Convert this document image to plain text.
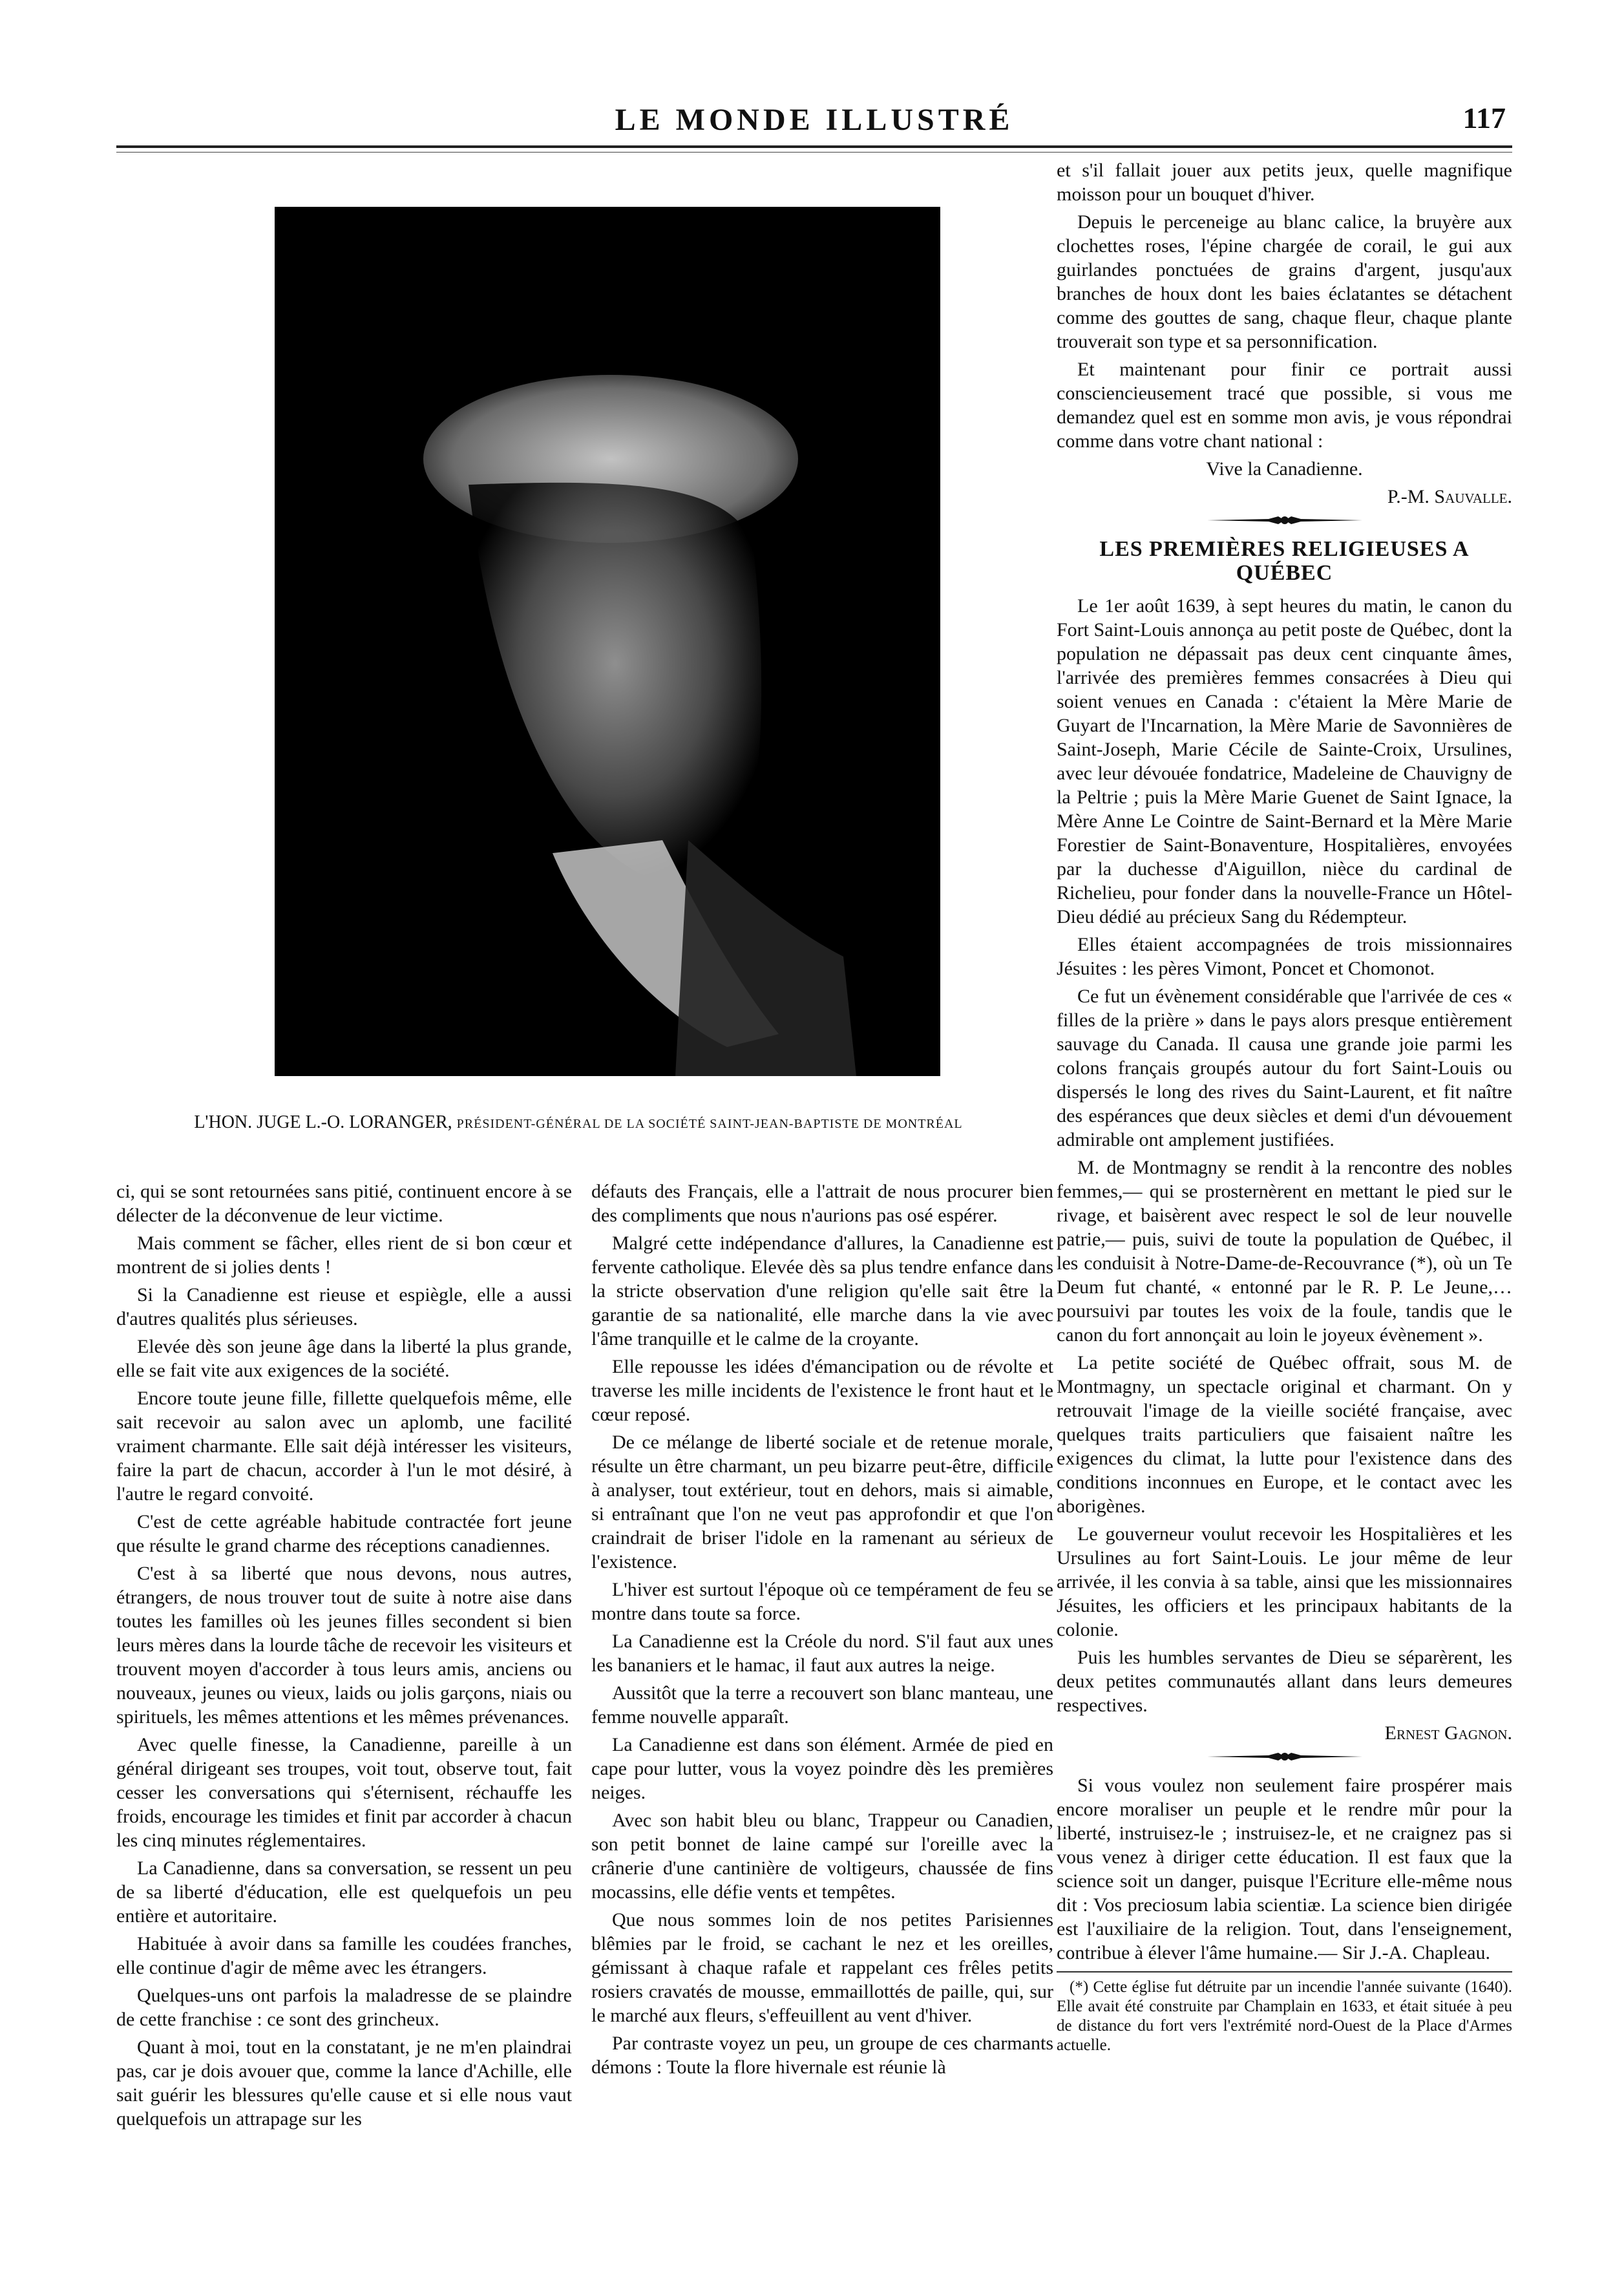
LE MONDE ILLUSTRÉ	117
L'HON. JUGE L.-O. LORANGER, PRÉSIDENT-GÉNÉRAL DE LA SOCIÉTÉ SAINT-JEAN-BAPTISTE DE MONTRÉAL

ci, qui se sont retournées sans pitié, continuent encore à se délecter de la déconvenue de leur victime.

Mais comment se fâcher, elles rient de si bon cœur et montrent de si jolies dents !

Si la Canadienne est rieuse et espiègle, elle a aussi d'autres qualités plus sérieuses.

Elevée dès son jeune âge dans la liberté la plus grande, elle se fait vite aux exigences de la société.

Encore toute jeune fille, fillette quelquefois même, elle sait recevoir au salon avec un aplomb, une facilité vraiment charmante. Elle sait déjà intéresser les visiteurs, faire la part de chacun, accorder à l'un le mot désiré, à l'autre le regard convoité.

C'est de cette agréable habitude contractée fort jeune que résulte le grand charme des réceptions canadiennes.

C'est à sa liberté que nous devons, nous autres, étrangers, de nous trouver tout de suite à notre aise dans toutes les familles où les jeunes filles secondent si bien leurs mères dans la lourde tâche de recevoir les visiteurs et trouvent moyen d'accorder à tous leurs amis, anciens ou nouveaux, jeunes ou vieux, laids ou jolis garçons, niais ou spirituels, les mêmes attentions et les mêmes prévenances.

Avec quelle finesse, la Canadienne, pareille à un général dirigeant ses troupes, voit tout, observe tout, fait cesser les conversations qui s'éternisent, réchauffe les froids, encourage les timides et finit par accorder à chacun les cinq minutes réglementaires.

La Canadienne, dans sa conversation, se ressent un peu de sa liberté d'éducation, elle est quelquefois un peu entière et autoritaire.

Habituée à avoir dans sa famille les coudées franches, elle continue d'agir de même avec les étrangers.

Quelques-uns ont parfois la maladresse de se plaindre de cette franchise : ce sont des grincheux.

Quant à moi, tout en la constatant, je ne m'en plaindrai pas, car je dois avouer que, comme la lance d'Achille, elle sait guérir les blessures qu'elle cause et si elle nous vaut quelquefois un attrapage sur les

défauts des Français, elle a l'attrait de nous procurer bien des compliments que nous n'aurions pas osé espérer.

Malgré cette indépendance d'allures, la Canadienne est fervente catholique. Elevée dès sa plus tendre enfance dans la stricte observation d'une religion qu'elle sait être la garantie de sa nationalité, elle marche dans la vie avec l'âme tranquille et le calme de la croyante.

Elle repousse les idées d'émancipation ou de révolte et traverse les mille incidents de l'existence le front haut et le cœur reposé.

De ce mélange de liberté sociale et de retenue morale, résulte un être charmant, un peu bizarre peut-être, difficile à analyser, tout extérieur, tout en dehors, mais si aimable, si entraînant que l'on ne veut pas approfondir et que l'on craindrait de briser l'idole en la ramenant au sérieux de l'existence.

L'hiver est surtout l'époque où ce tempérament de feu se montre dans toute sa force.

La Canadienne est la Créole du nord. S'il faut aux unes les bananiers et le hamac, il faut aux autres la neige.

Aussitôt que la terre a recouvert son blanc manteau, une femme nouvelle apparaît.

La Canadienne est dans son élément. Armée de pied en cape pour lutter, vous la voyez poindre dès les premières neiges.

Avec son habit bleu ou blanc, Trappeur ou Canadien, son petit bonnet de laine campé sur l'oreille avec la crânerie d'une cantinière de voltigeurs, chaussée de fins mocassins, elle défie vents et tempêtes.

Que nous sommes loin de nos petites Parisiennes blêmies par le froid, se cachant le nez et les oreilles, gémissant à chaque rafale et rappelant ces frêles petits rosiers cravatés de mousse, emmaillottés de paille, qui, sur le marché aux fleurs, s'effeuillent au vent d'hiver.

Par contraste voyez un peu, un groupe de ces charmants démons : Toute la flore hivernale est réunie là

et s'il fallait jouer aux petits jeux, quelle magnifique moisson pour un bouquet d'hiver.

Depuis le perceneige au blanc calice, la bruyère aux clochettes roses, l'épine chargée de corail, le gui aux guirlandes ponctuées de grains d'argent, jusqu'aux branches de houx dont les baies éclatantes se détachent comme des gouttes de sang, chaque fleur, chaque plante trouverait son type et sa personnification.

Et maintenant pour finir ce portrait aussi consciencieusement tracé que possible, si vous me demandez quel est en somme mon avis, je vous répondrai comme dans votre chant national :

Vive la Canadienne.

P.-M. Sauvalle.

LES PREMIÈRES RELIGIEUSES A QUÉBEC

Le 1er août 1639, à sept heures du matin, le canon du Fort Saint-Louis annonça au petit poste de Québec, dont la population ne dépassait pas deux cent cinquante âmes, l'arrivée des premières femmes consacrées à Dieu qui soient venues en Canada : c'étaient la Mère Marie de Guyart de l'Incarnation, la Mère Marie de Savonnières de Saint-Joseph, Marie Cécile de Sainte-Croix, Ursulines, avec leur dévouée fondatrice, Madeleine de Chauvigny de la Peltrie ; puis la Mère Marie Guenet de Saint Ignace, la Mère Anne Le Cointre de Saint-Bernard et la Mère Marie Forestier de Saint-Bonaventure, Hospitalières, envoyées par la duchesse d'Aiguillon, nièce du cardinal de Richelieu, pour fonder dans la nouvelle-France un Hôtel-Dieu dédié au précieux Sang du Rédempteur.

Elles étaient accompagnées de trois missionnaires Jésuites : les pères Vimont, Poncet et Chomonot.

Ce fut un évènement considérable que l'arrivée de ces « filles de la prière » dans le pays alors presque entièrement sauvage du Canada. Il causa une grande joie parmi les colons français groupés autour du fort Saint-Louis ou dispersés le long des rives du Saint-Laurent, et fit naître des espérances que deux siècles et demi d'un dévouement admirable ont amplement justifiées.

M. de Montmagny se rendit à la rencontre des nobles femmes,— qui se prosternèrent en mettant le pied sur le rivage, et baisèrent avec respect le sol de leur nouvelle patrie,— puis, suivi de toute la population de Québec, il les conduisit à Notre-Dame-de-Recouvrance (*), où un Te Deum fut chanté, « entonné par le R. P. Le Jeune,… poursuivi par toutes les voix de la foule, tandis que le canon du fort annonçait au loin le joyeux évènement ».

La petite société de Québec offrait, sous M. de Montmagny, un spectacle original et charmant. On y retrouvait l'image de la vieille société française, avec quelques traits particuliers que faisaient naître les exigences du climat, la lutte pour l'existence dans des conditions inconnues en Europe, et le contact avec les aborigènes.

Le gouverneur voulut recevoir les Hospitalières et les Ursulines au fort Saint-Louis. Le jour même de leur arrivée, il les convia à sa table, ainsi que les missionnaires Jésuites, les officiers et les principaux habitants de la colonie.

Puis les humbles servantes de Dieu se séparèrent, les deux petites communautés allant dans leurs demeures respectives.

Ernest Gagnon.

Si vous voulez non seulement faire prospérer mais encore moraliser un peuple et le rendre mûr pour la liberté, instruisez-le ; instruisez-le, et ne craignez pas si vous venez à diriger cette éducation. Il est faux que la science soit un danger, puisque l'Ecriture elle-même nous dit : Vos preciosum labia scientiæ. La science bien dirigée est l'auxiliaire de la religion. Tout, dans l'enseignement, contribue à élever l'âme humaine.— Sir J.-A. Chapleau.

(*) Cette église fut détruite par un incendie l'année suivante (1640). Elle avait été construite par Champlain en 1633, et était située à peu de distance du fort vers l'extrémité nord-Ouest de la Place d'Armes actuelle.
